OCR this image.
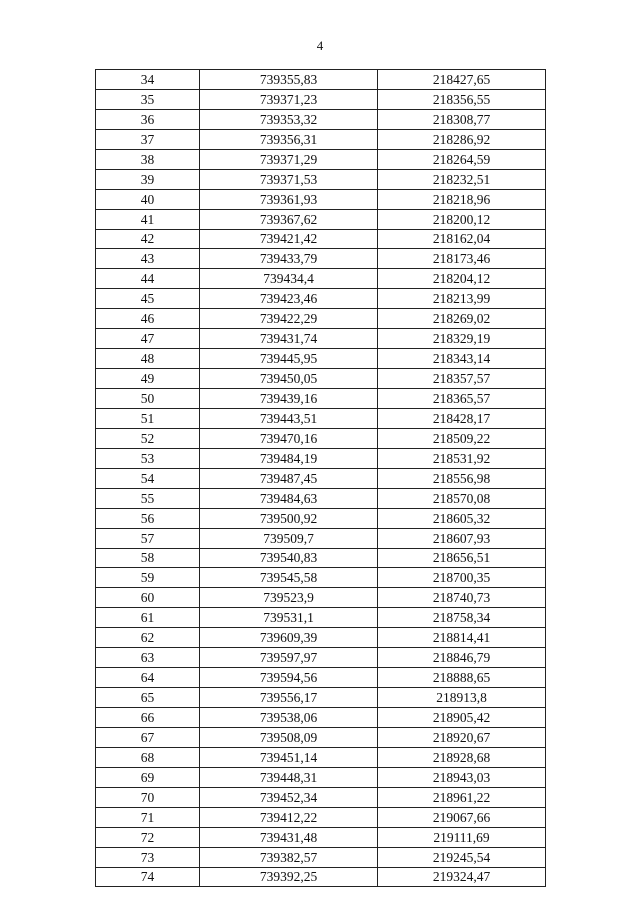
4
34	739355,83	218427,65
35	739371,23	218356,55
36	739353,32	218308,77
37	739356,31	218286,92
38	739371,29	218264,59
39	739371,53	218232,51
40	739361,93	218218,96
41	739367,62	218200,12
42	739421,42	218162,04
43	739433,79	218173,46
44	739434,4	218204,12
45	739423,46	218213,99
46	739422,29	218269,02
47	739431,74	218329,19
48	739445,95	218343,14
49	739450,05	218357,57
50	739439,16	218365,57
51	739443,51	218428,17
52	739470,16	218509,22
53	739484,19	218531,92
54	739487,45	218556,98
55	739484,63	218570,08
56	739500,92	218605,32
57	739509,7	218607,93
58	739540,83	218656,51
59	739545,58	218700,35
60	739523,9	218740,73
61	739531,1	218758,34
62	739609,39	218814,41
63	739597,97	218846,79
64	739594,56	218888,65
65	739556,17	218913,8
66	739538,06	218905,42
67	739508,09	218920,67
68	739451,14	218928,68
69	739448,31	218943,03
70	739452,34	218961,22
71	739412,22	219067,66
72	739431,48	219111,69
73	739382,57	219245,54
74	739392,25	219324,47
